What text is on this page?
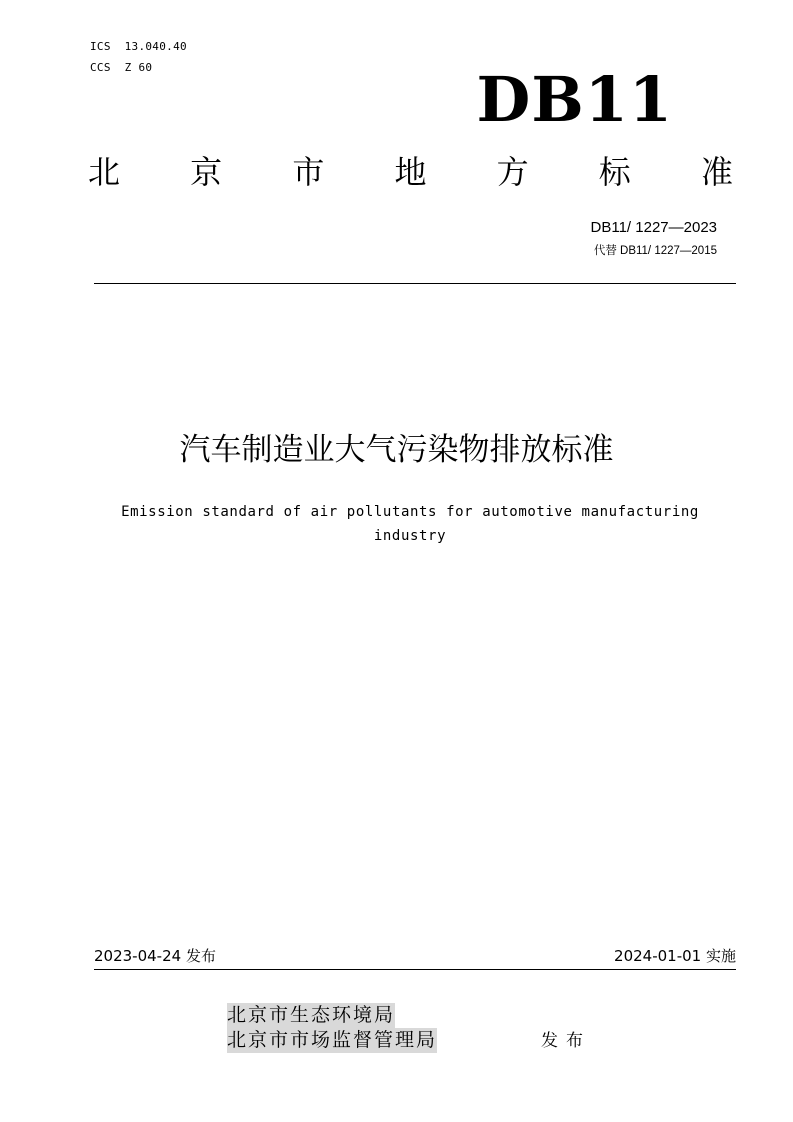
ICS  13.040.40
CCS  Z 60	DB11
北 京 市 地 方 标 准
DB11/ 1227—2023
代替 DB11/ 1227—2015
汽车制造业大气污染物排放标准
Emission standard of air pollutants for automotive manufacturing
industry
2023-04-24 发布	2024-01-01 实施
北京市生态环境局
北京市市场监督管理局	发布
